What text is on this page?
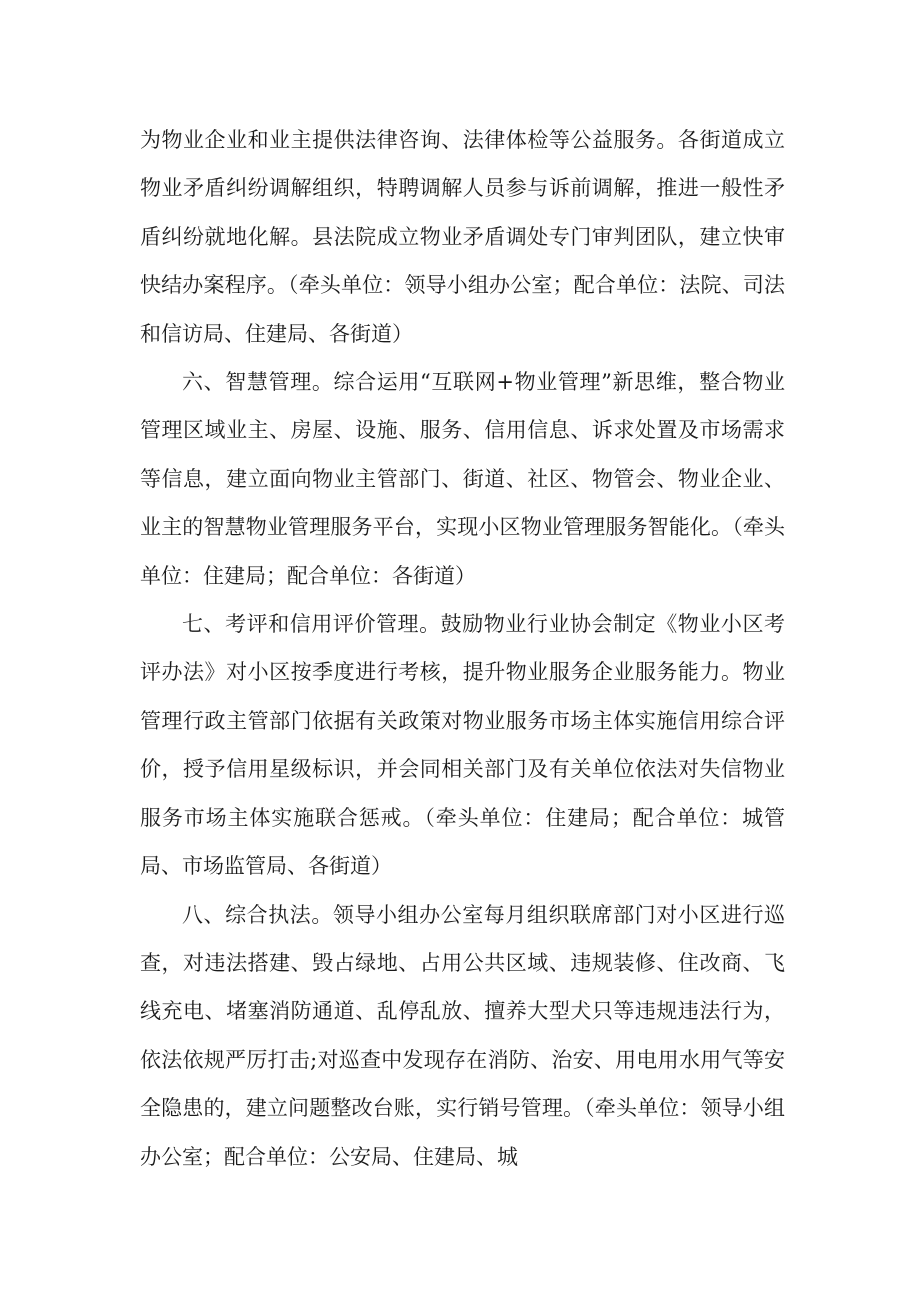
为物业企业和业主提供法律咨询、法律体检等公益服务。各街道成立物业矛盾纠纷调解组织，特聘调解人员参与诉前调解，推进一般性矛盾纠纷就地化解。县法院成立物业矛盾调处专门审判团队，建立快审快结办案程序。（牵头单位：领导小组办公室；配合单位：法院、司法和信访局、住建局、各街道）

六、智慧管理。综合运用“互联网+物业管理”新思维，整合物业管理区域业主、房屋、设施、服务、信用信息、诉求处置及市场需求等信息，建立面向物业主管部门、街道、社区、物管会、物业企业、业主的智慧物业管理服务平台，实现小区物业管理服务智能化。（牵头单位：住建局；配合单位：各街道）

七、考评和信用评价管理。鼓励物业行业协会制定《物业小区考评办法》对小区按季度进行考核，提升物业服务企业服务能力。物业管理行政主管部门依据有关政策对物业服务市场主体实施信用综合评价，授予信用星级标识，并会同相关部门及有关单位依法对失信物业服务市场主体实施联合惩戒。（牵头单位：住建局；配合单位：城管局、市场监管局、各街道）

八、综合执法。领导小组办公室每月组织联席部门对小区进行巡查，对违法搭建、毁占绿地、占用公共区域、违规装修、住改商、飞线充电、堵塞消防通道、乱停乱放、擅养大型犬只等违规违法行为，依法依规严厉打击;对巡查中发现存在消防、治安、用电用水用气等安全隐患的，建立问题整改台账，实行销号管理。（牵头单位：领导小组办公室；配合单位：公安局、住建局、城
